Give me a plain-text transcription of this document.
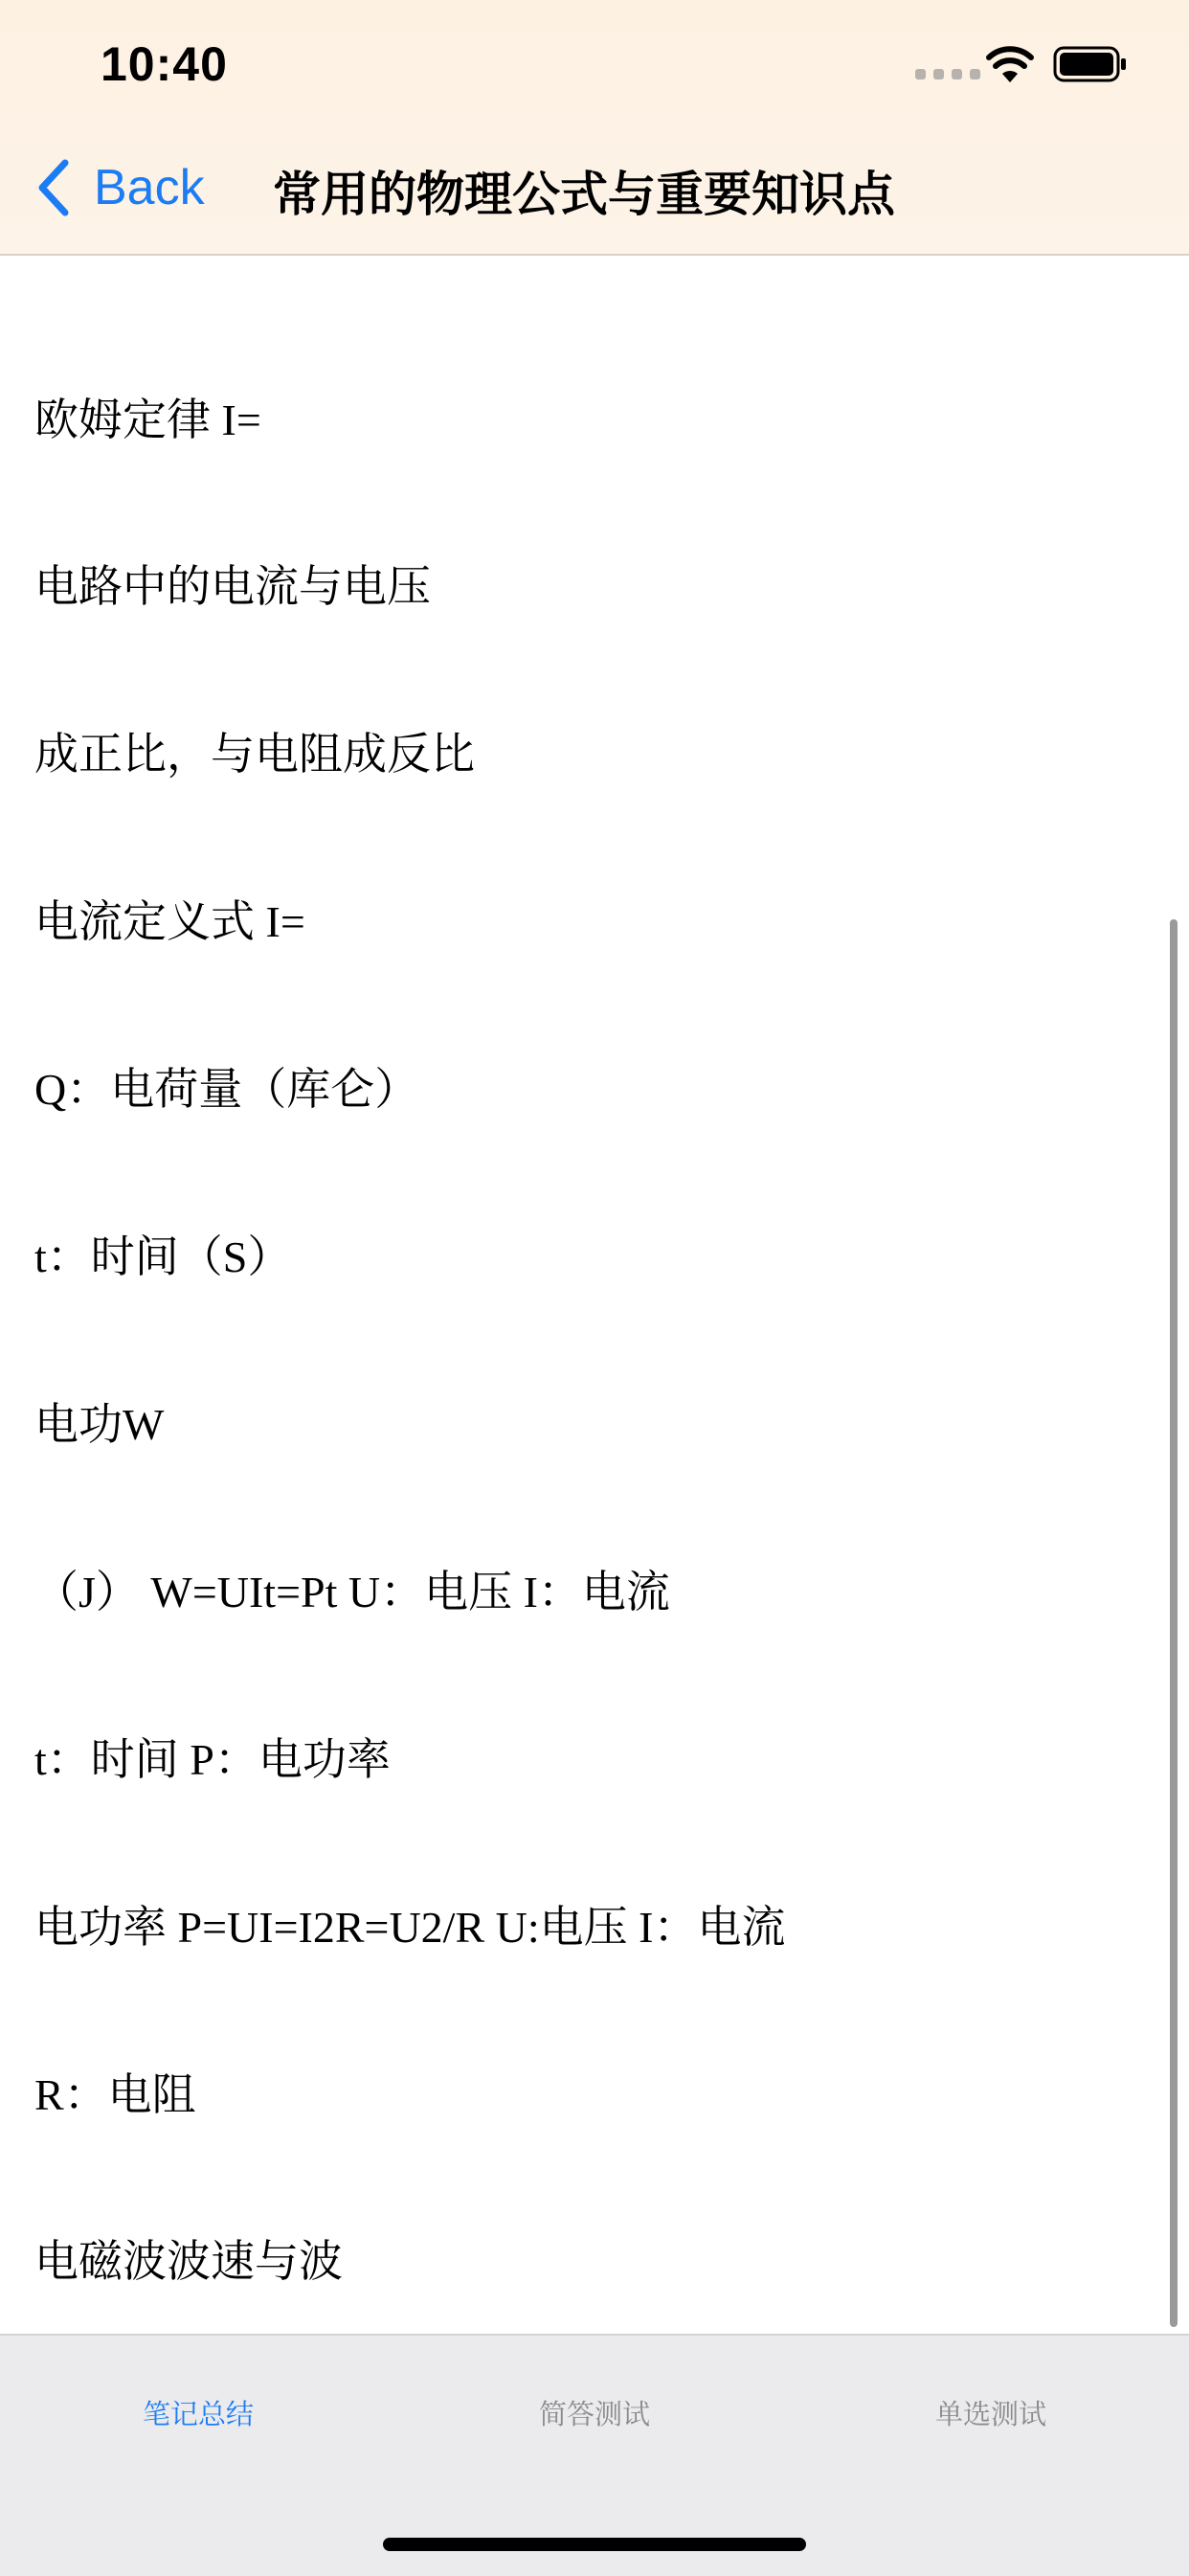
10:40
Back 常用的物理公式与重要知识点

欧姆定律 I=

电路中的电流与电压

成正比，与电阻成反比

电流定义式 I=

Q：电荷量（库仑）

t：时间（S）

电功W

（J） W=UIt=Pt U：电压 I：电流

t：时间 P：电功率

电功率 P=UI=I2R=U2/R U:电压 I：电流

R：电阻

电磁波波速与波

笔记总结	简答测试	单选测试
